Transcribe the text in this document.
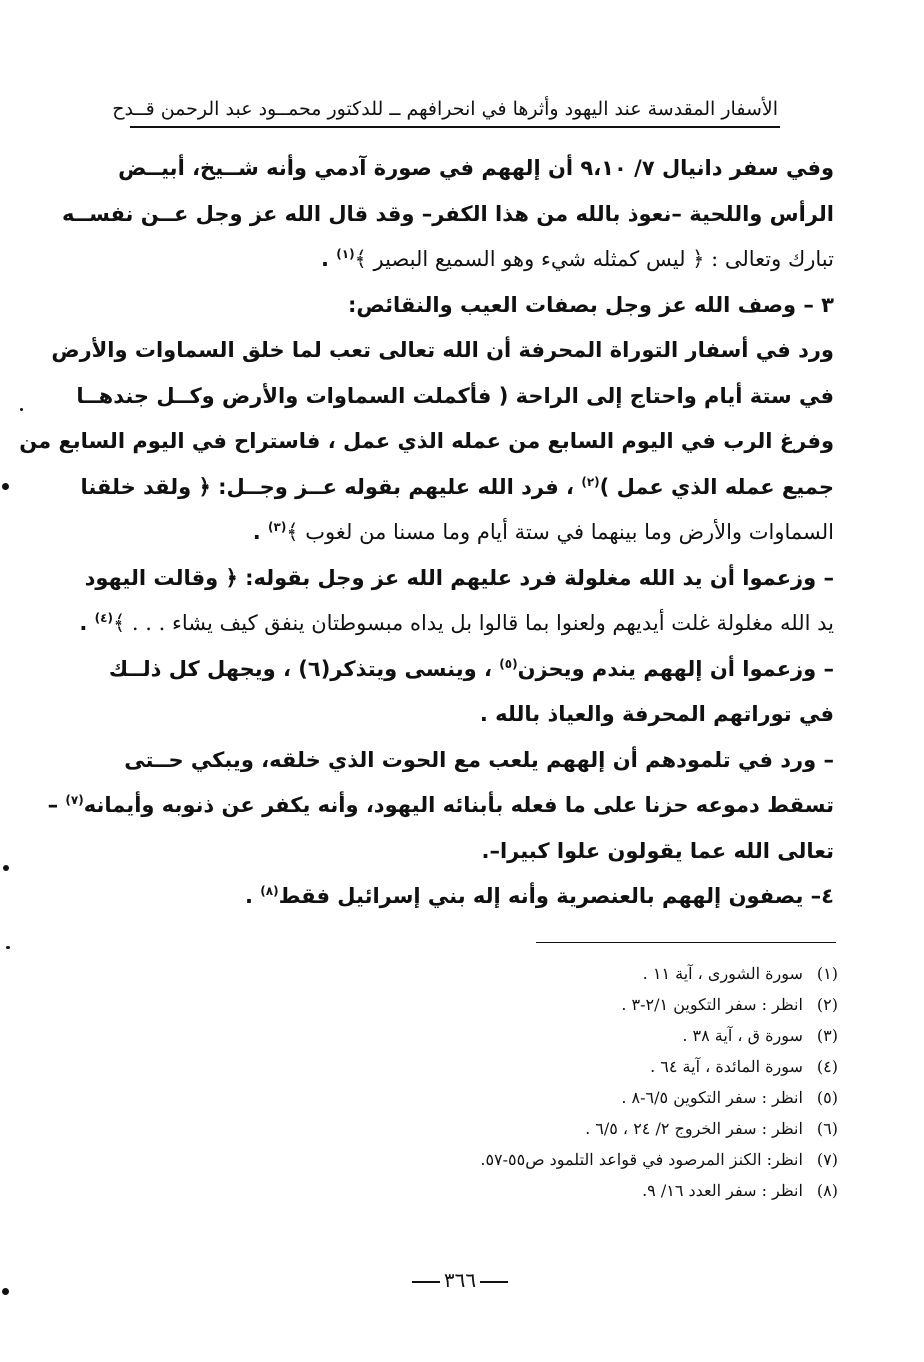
الأسفار المقدسة عند اليهود وأثرها في انحرافهم ــ للدكتور محمــود عبد الرحمن قــدح
وفي سفر دانيال ٧/ ٩،١٠ أن إلههم في صورة آدمي وأنه شــيخ، أبيــض
الرأس واللحية –نعوذ بالله من هذا الكفر– وقد قال الله عز وجل عــن نفســه
تبارك وتعالى : ﴿ ليس كمثله شيء وهو السميع البصير ﴾$^{(١)}$ .
٣ – وصف الله عز وجل بصفات العيب والنقائص:
ورد في أسفار التوراة المحرفة أن الله تعالى تعب لما خلق السماوات والأرض
في ستة أيام واحتاج إلى الراحة ( فأكملت السماوات والأرض وكــل جندهــا
وفرغ الرب في اليوم السابع من عمله الذي عمل ، فاستراح في اليوم السابع من
جميع عمله الذي عمل )$^{(٢)}$ ، فرد الله عليهم بقوله عــز وجــل: ﴿ ولقد خلقنا
السماوات والأرض وما بينهما في ستة أيام وما مسنا من لغوب ﴾$^{(٣)}$ .
– وزعموا أن يد الله مغلولة فرد عليهم الله عز وجل بقوله: ﴿ وقالت اليهود
يد الله مغلولة غلت أيديهم ولعنوا بما قالوا بل يداه مبسوطتان ينفق كيف يشاء . . . ﴾$^{(٤)}$ .
– وزعموا أن إلههم يندم ويحزن$^{(٥)}$ ، وينسى ويتذكر(٦) ، ويجهل كل ذلــك
في توراتهم المحرفة والعياذ بالله .
– ورد في تلمودهم أن إلههم يلعب مع الحوت الذي خلقه، ويبكي حــتى
تسقط دموعه حزنا على ما فعله بأبنائه اليهود، وأنه يكفر عن ذنوبه وأيمانه$^{(٧)}$ –
تعالى الله عما يقولون علوا كبيرا–.
٤– يصفون إلههم بالعنصرية وأنه إله بني إسرائيل فقط$^{(٨)}$ .
(١) سورة الشورى ، آية ١١ .
(٢) انظر : سفر التكوين ٢/١-٣ .
(٣) سورة ق ، آية ٣٨ .
(٤) سورة المائدة ، آية ٦٤ .
(٥) انظر : سفر التكوين ٦/٥-٨ .
(٦) انظر : سفر الخروج ٢/ ٢٤ ، ٦/٥ .
(٧) انظر: الكنز المرصود في قواعد التلمود ص٥٥-٥٧.
(٨) انظر : سفر العدد ١٦/ ٩.
٣٦٦
